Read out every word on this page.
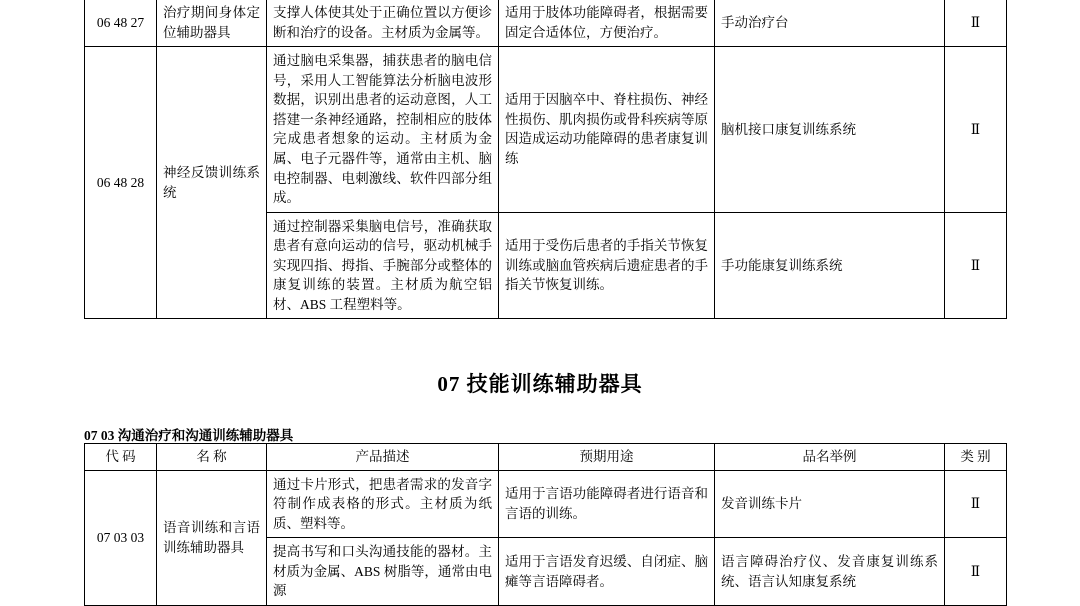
06 48 27	治疗期间身体定位辅助器具	支撑人体使其处于正确位置以方便诊断和治疗的设备。主材质为金属等。	适用于肢体功能障碍者，根据需要固定合适体位，方便治疗。	手动治疗台	Ⅱ
06 48 28	神经反馈训练系统	通过脑电采集器，捕获患者的脑电信号，采用人工智能算法分析脑电波形数据，识别出患者的运动意图，人工搭建一条神经通路，控制相应的肢体完成患者想象的运动。主材质为金属、电子元器件等，通常由主机、脑电控制器、电刺激线、软件四部分组成。	适用于因脑卒中、脊柱损伤、神经性损伤、肌肉损伤或骨科疾病等原因造成运动功能障碍的患者康复训练	脑机接口康复训练系统	Ⅱ

		通过控制器采集脑电信号，准确获取患者有意向运动的信号，驱动机械手实现四指、拇指、手腕部分或整体的康复训练的装置。主材质为航空铝材、ABS 工程塑料等。	适用于受伤后患者的手指关节恢复训练或脑血管疾病后遗症患者的手指关节恢复训练。	手功能康复训练系统	Ⅱ
07 技能训练辅助器具
07 03 沟通治疗和沟通训练辅助器具
代 码	名 称	产品描述	预期用途	品名举例	类 别
07 03 03	语音训练和言语训练辅助器具	通过卡片形式，把患者需求的发音字符制作成表格的形式。主材质为纸质、塑料等。	适用于言语功能障碍者进行语音和言语的训练。	发音训练卡片	Ⅱ

		提高书写和口头沟通技能的器材。主材质为金属、ABS 树脂等，通常由电源	适用于言语发育迟缓、自闭症、脑瘫等言语障碍者。	语言障碍治疗仪、发音康复训练系统、语言认知康复系统	Ⅱ
